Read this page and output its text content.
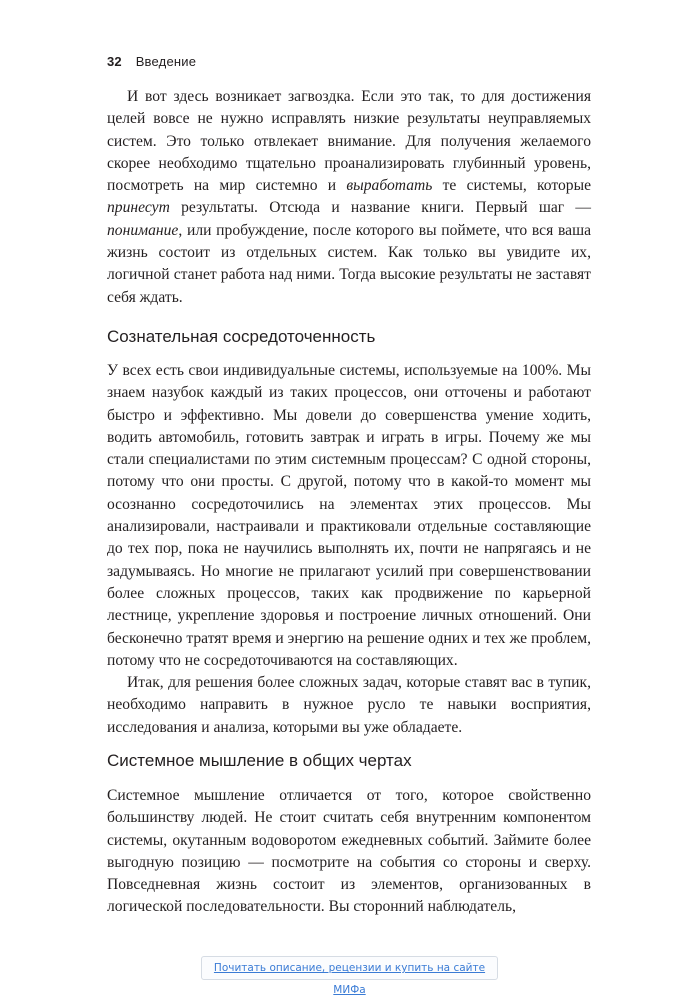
32 Введение

И вот здесь возникает загвоздка. Если это так, то для достижения целей вовсе не нужно исправлять низкие результаты неуправляемых систем. Это только отвлекает внимание. Для получения желаемого скорее необходимо тщательно проанализировать глубинный уровень, посмотреть на мир системно и выработать те системы, которые принесут результаты. Отсюда и название книги. Первый шаг — понимание, или пробуждение, после которого вы поймете, что вся ваша жизнь состоит из отдельных систем. Как только вы увидите их, логичной станет работа над ними. Тогда высокие результаты не заставят себя ждать.

Сознательная сосредоточенность

У всех есть свои индивидуальные системы, используемые на 100%. Мы знаем назубок каждый из таких процессов, они отточены и работают быстро и эффективно. Мы довели до совершенства умение ходить, водить автомобиль, готовить завтрак и играть в игры. Почему же мы стали специалистами по этим системным процессам? С одной стороны, потому что они просты. С другой, потому что в какой-то момент мы осознанно сосредоточились на элементах этих процессов. Мы анализировали, настраивали и практиковали отдельные составляющие до тех пор, пока не научились выполнять их, почти не напрягаясь и не задумываясь. Но многие не прилагают усилий при совершенствовании более сложных процессов, таких как продвижение по карьерной лестнице, укрепление здоровья и построение личных отношений. Они бесконечно тратят время и энергию на решение одних и тех же проблем, потому что не сосредоточиваются на составляющих.

Итак, для решения более сложных задач, которые ставят вас в тупик, необходимо направить в нужное русло те навыки восприятия, исследования и анализа, которыми вы уже обладаете.

Системное мышление в общих чертах

Системное мышление отличается от того, которое свойственно большинству людей. Не стоит считать себя внутренним компонентом системы, окутанным водоворотом ежедневных событий. Займите более выгодную позицию — посмотрите на события со стороны и сверху. Повседневная жизнь состоит из элементов, организованных в логической последовательности. Вы сторонний наблюдатель,

Почитать описание, рецензии и купить на сайте МИФа
